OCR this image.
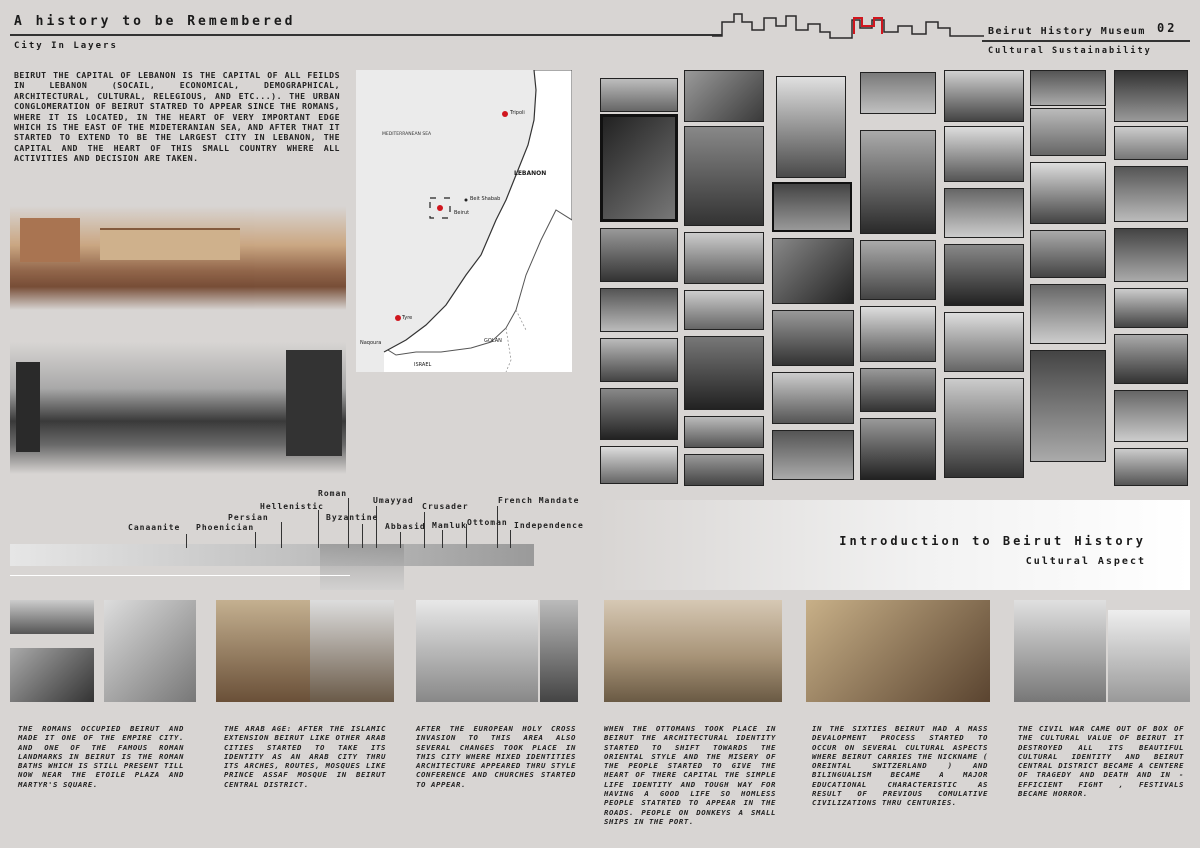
A history to be Remembered
City In Layers
Beirut History Museum 02
Cultural Sustainability
BEIRUT THE CAPITAL OF LEBANON IS THE CAPITAL OF ALL FEILDS IN LEBANON (SOCAIL, ECONOMICAL, DEMOGRAPHICAL, ARCHITECTURAL, CULTURAL, RELEGIOUS, AND ETC...). THE URBAN CONGLOMERATION OF BEIRUT STATRED TO APPEAR SINCE THE ROMANS, WHERE IT IS LOCATED, IN THE HEART OF VERY IMPORTANT EDGE WHICH IS THE EAST OF THE MIDETERANIAN SEA, AND AFTER THAT IT STARTED TO EXTEND TO BE THE LARGEST CITY IN LEBANON, THE CAPITAL AND THE HEART OF THIS SMALL COUNTRY WHERE ALL ACTIVITIES AND DECISION ARE TAKEN.
MEDITERRANEAN SEA
LEBANON
Tripoli
Beirut
Beit Shabab
Tyre
Naqoura
ISRAEL
GOLAN
Canaanite Phoenician
Persian
Hellenistic
Roman
Byzantine
Umayyad
Abbasid
Crusader
Mamluk Ottoman
French Mandate
Independence
Introduction to Beirut History
Cultural Aspect
THE ROMANS OCCUPIED BEIRUT AND MADE IT ONE OF THE EMPIRE CITY. AND ONE OF THE FAMOUS ROMAN LANDMARKS IN BEIRUT IS THE ROMAN BATHS WHICH IS STILL PRESENT TILL NOW NEAR THE ETOILE PLAZA AND MARTYR'S SQUARE.
THE ARAB AGE: AFTER THE ISLAMIC EXTENSION BEIRUT LIKE OTHER ARAB CITIES STARTED TO TAKE ITS IDENTITY AS AN ARAB CITY THRU ITS ARCHES, ROUTES, MOSQUES LIKE PRINCE ASSAF MOSQUE IN BEIRUT CENTRAL DISTRICT.
AFTER THE EUROPEAN HOLY CROSS INVASION TO THIS AREA ALSO SEVERAL CHANGES TOOK PLACE IN THIS CITY WHERE MIXED IDENTITIES ARCHITECTURE APPEARED THRU STYLE CONFERENCE AND CHURCHES STARTED TO APPEAR.
WHEN THE OTTOMANS TOOK PLACE IN BEIRUT THE ARCHITECTURAL IDENTITY STARTED TO SHIFT TOWARDS THE ORIENTAL STYLE AND THE MISERY OF THE PEOPLE STARTED TO GIVE THE HEART OF THERE CAPITAL THE SIMPLE LIFE IDENTITY AND TOUGH WAY FOR HAVING A GOOD LIFE SO HOMLESS PEOPLE STATRTED TO APPEAR IN THE ROADS. PEOPLE ON DONKEYS A SMALL SHIPS IN THE PORT.
IN THE SIXTIES BEIRUT HAD A MASS DEVALOPMENT PROCESS STARTED TO OCCUR ON SEVERAL CULTURAL ASPECTS WHERE BEIRUT CARRIES THE NICKNAME ( OREINTAL SWITZERLAND ) AND BILINGUALISM BECAME A MAJOR EDUCATIONAL CHARACTERISTIC AS RESULT OF PREVIOUS COMULATIVE CIVILIZATIONS THRU CENTURIES.
THE CIVIL WAR CAME OUT OF BOX OF THE CULTURAL VALUE OF BEIRUT IT DESTROYED ALL ITS BEAUTIFUL CULTURAL IDENTITY AND BEIRUT CENTRAL DISTRICT BECAME A CENTERE OF TRAGEDY AND DEATH AND IN -EFFICIENT FIGHT , FESTIVALS BECAME HORROR.
